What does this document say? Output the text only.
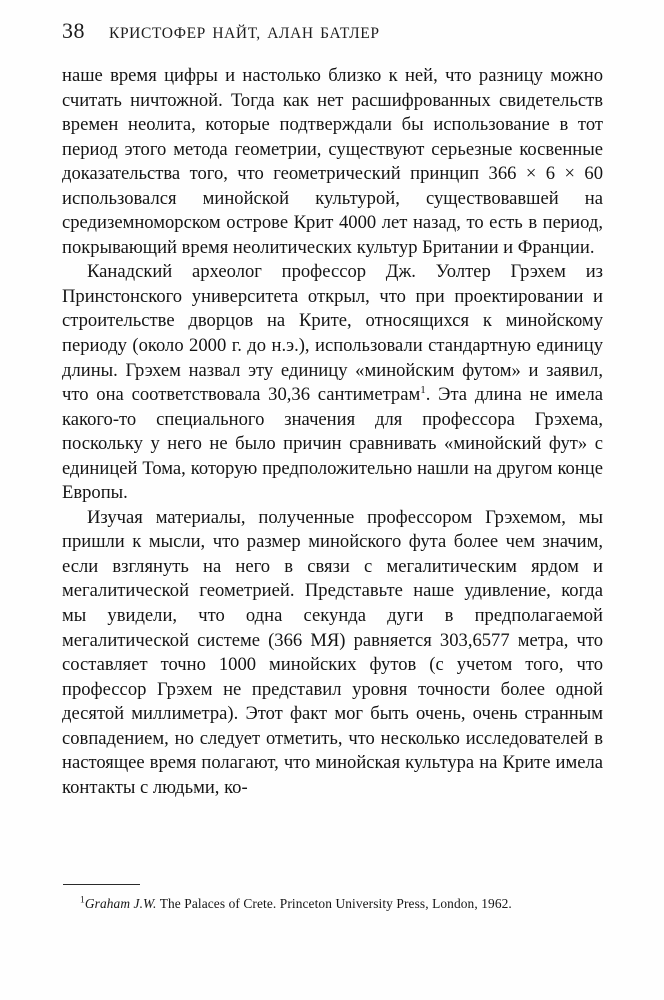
38 КРИСТОФЕР НАЙТ, АЛАН БАТЛЕР

наше время цифры и настолько близко к ней, что разницу можно считать ничтожной. Тогда как нет расшифрованных свидетельств времен неолита, которые подтверждали бы использование в тот период этого метода геометрии, существуют серьезные косвенные доказательства того, что геометрический принцип 366 × 6 × 60 использовался минойской культурой, существовавшей на средиземноморском острове Крит 4000 лет назад, то есть в период, покрывающий время неолитических культур Британии и Франции.

Канадский археолог профессор Дж. Уолтер Грэхем из Принстонского университета открыл, что при проектировании и строительстве дворцов на Крите, относящихся к минойскому периоду (около 2000 г. до н.э.), использовали стандартную единицу длины. Грэхем назвал эту единицу «минойским футом» и заявил, что она соответствовала 30,36 сантиметрам$^1$. Эта длина не имела какого-то специального значения для профессора Грэхема, поскольку у него не было причин сравнивать «минойский фут» с единицей Тома, которую предположительно нашли на другом конце Европы.

Изучая материалы, полученные профессором Грэхемом, мы пришли к мысли, что размер минойского фута более чем значим, если взглянуть на него в связи с мегалитическим ярдом и мегалитической геометрией. Представьте наше удивление, когда мы увидели, что одна секунда дуги в предполагаемой мегалитической системе (366 МЯ) равняется 303,6577 метра, что составляет точно 1000 минойских футов (с учетом того, что профессор Грэхем не представил уровня точности более одной десятой миллиметра). Этот факт мог быть очень, очень странным совпадением, но следует отметить, что несколько исследователей в настоящее время полагают, что минойская культура на Крите имела контакты с людьми, ко-

$^1$Graham J.W. The Palaces of Crete. Princeton University Press, London, 1962.
